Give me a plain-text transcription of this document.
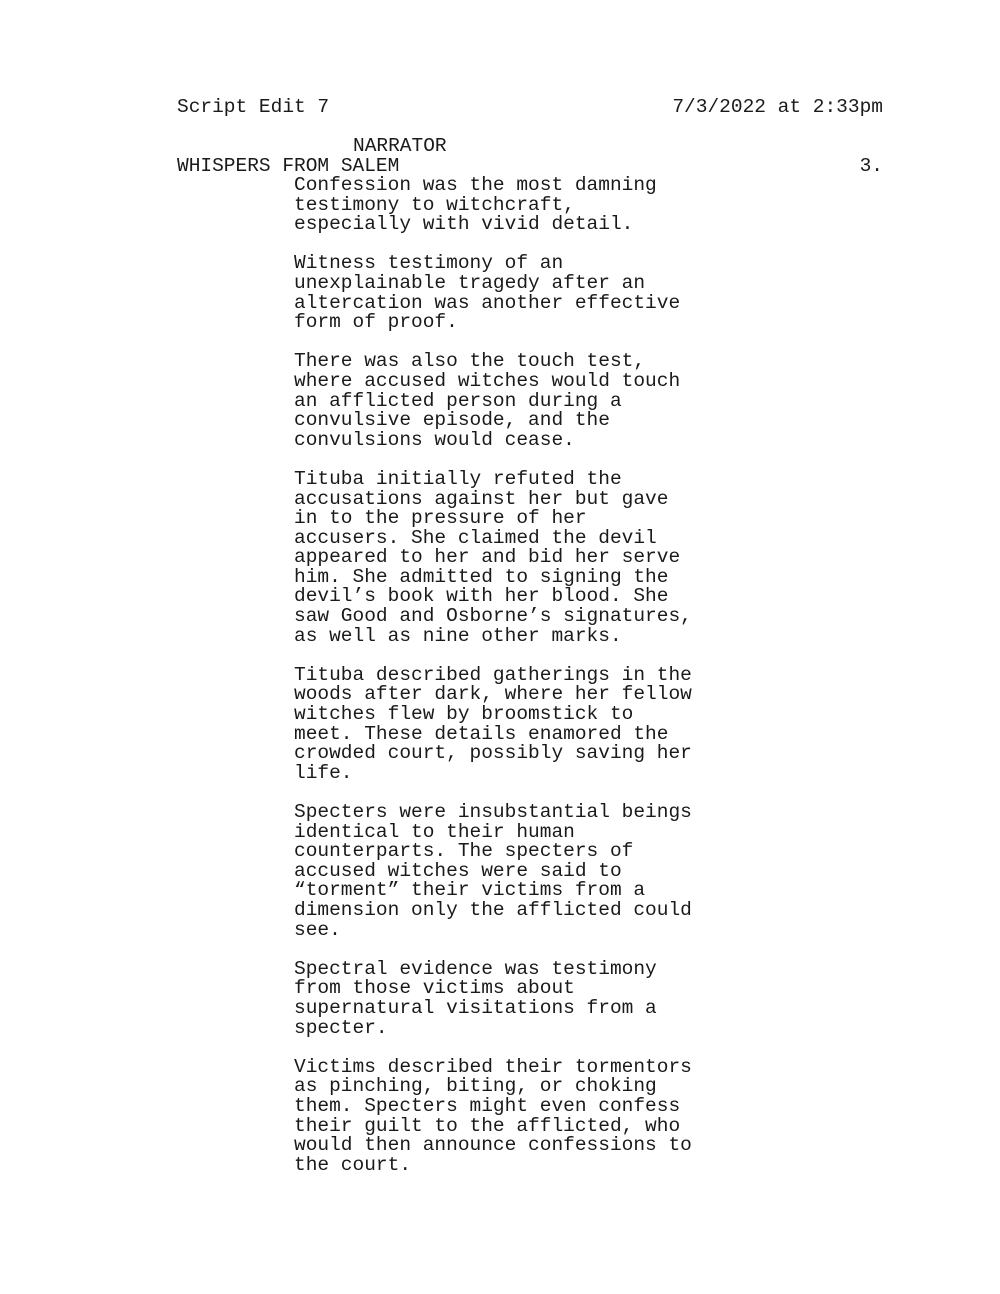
Script Edit 7

WHISPERS FROM SALEM

7/3/2022 at 2:33pm

3.

NARRATOR

Confession was the most damning
testimony to witchcraft,
especially with vivid detail.

Witness testimony of an
unexplainable tragedy after an
altercation was another effective
form of proof.

There was also the touch test,
where accused witches would touch
an afflicted person during a
convulsive episode, and the
convulsions would cease.

Tituba initially refuted the
accusations against her but gave
in to the pressure of her
accusers. She claimed the devil
appeared to her and bid her serve
him. She admitted to signing the
devil’s book with her blood. She
saw Good and Osborne’s signatures,
as well as nine other marks.

Tituba described gatherings in the
woods after dark, where her fellow
witches flew by broomstick to
meet. These details enamored the
crowded court, possibly saving her
life.

Specters were insubstantial beings
identical to their human
counterparts. The specters of
accused witches were said to
“torment” their victims from a
dimension only the afflicted could
see.

Spectral evidence was testimony
from those victims about
supernatural visitations from a
specter.

Victims described their tormentors
as pinching, biting, or choking
them. Specters might even confess
their guilt to the afflicted, who
would then announce confessions to
the court.
